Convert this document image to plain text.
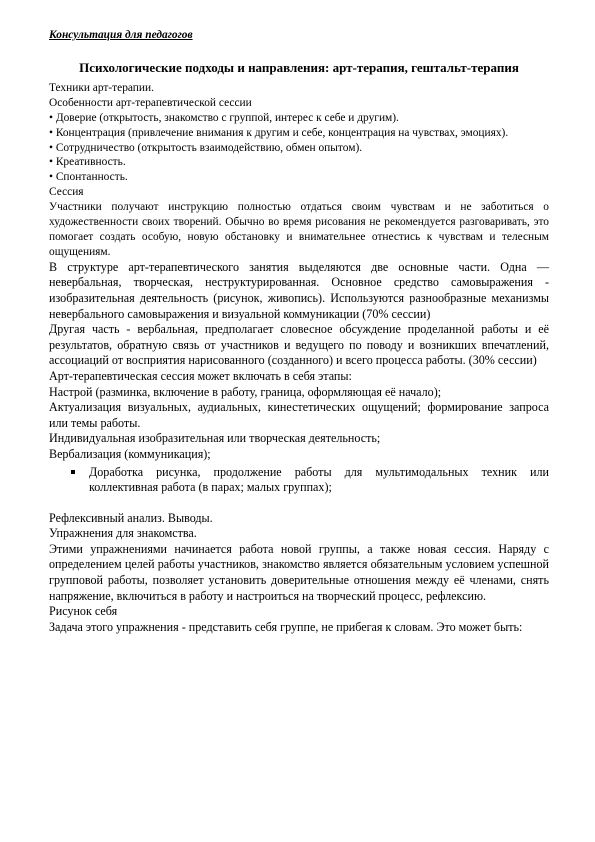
Консультация для педагогов
Психологические подходы и направления: арт-терапия, гештальт-терапия

Техники арт-терапии.

Особенности арт-терапевтической сессии

• Доверие (открытость, знакомство с группой, интерес к себе и другим).

• Концентрация (привлечение внимания к другим и себе, концентрация на чувствах, эмоциях).

• Сотрудничество (открытость взаимодействию, обмен опытом).

• Креативность.

• Спонтанность.

Сессия

Участники получают инструкцию полностью отдаться своим чувствам и не заботиться о художественности своих творений. Обычно во время рисования не рекомендуется разговаривать, это помогает создать особую, новую обстановку и внимательнее отнестись к чувствам и телесным ощущениям.

В структуре арт-терапевтического занятия выделяются две основные части. Одна — невербальная, творческая, неструктурированная. Основное средство самовыражения - изобразительная деятельность (рисунок, живопись). Используются разнообразные механизмы невербального самовыражения и визуальной коммуникации (70% сессии)

Другая часть - вербальная, предполагает словесное обсуждение проделанной работы и её результатов, обратную связь от участников и ведущего по поводу и возникших впечатлений, ассоциаций от восприятия нарисованного (созданного) и всего процесса работы. (30% сессии)

Арт-терапевтическая сессия может включать в себя этапы:

Настрой (разминка, включение в работу, граница, оформляющая её начало);

Актуализация визуальных, аудиальных, кинестетических ощущений; формирование запроса или темы работы.

Индивидуальная изобразительная или творческая деятельность;

Вербализация (коммуникация);

Доработка рисунка, продолжение работы для мультимодальных техник или коллективная работа (в парах; малых группах);

Рефлексивный анализ. Выводы.

Упражнения для знакомства.

Этими упражнениями начинается работа новой группы, а также новая сессия. Наряду с определением целей работы участников, знакомство является обязательным условием успешной групповой работы, позволяет установить доверительные отношения между её членами, снять напряжение, включиться в работу и настроиться на творческий процесс, рефлексию.

Рисунок себя

Задача этого упражнения - представить себя группе, не прибегая к словам. Это может быть:
